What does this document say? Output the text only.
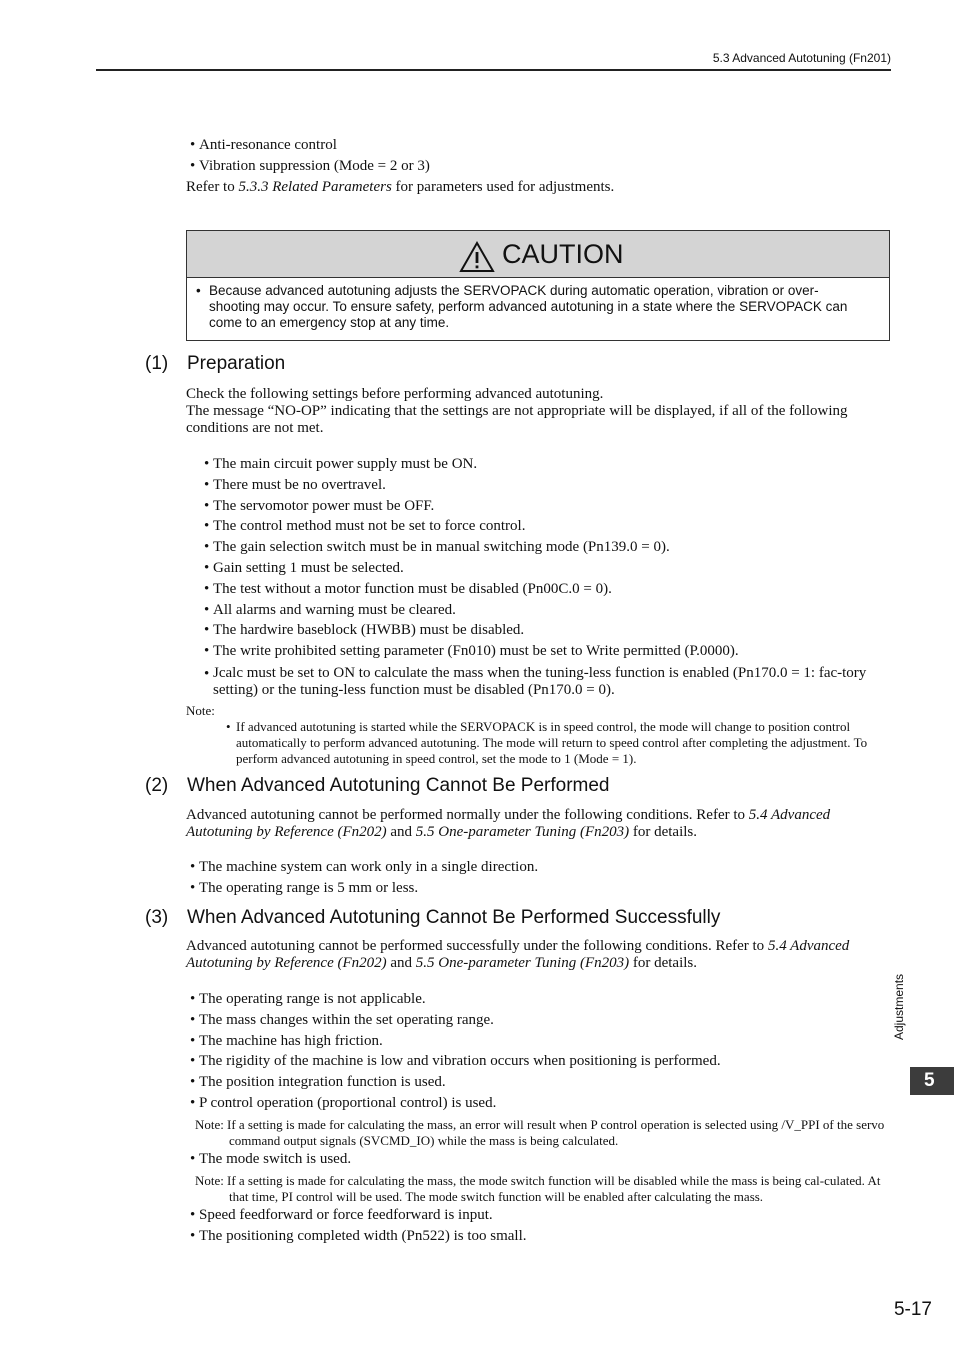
5.3 Advanced Autotuning (Fn201)
• Anti-resonance control
• Vibration suppression (Mode = 2 or 3)
Refer to 5.3.3 Related Parameters for parameters used for adjustments.
CAUTION
• Because advanced autotuning adjusts the SERVOPACK during automatic operation, vibration or over-shooting may occur. To ensure safety, perform advanced autotuning in a state where the SERVOPACK can come to an emergency stop at any time.
(1) Preparation
Check the following settings before performing advanced autotuning.
The message “NO-OP” indicating that the settings are not appropriate will be displayed, if all of the following conditions are not met.
• The main circuit power supply must be ON.
• There must be no overtravel.
• The servomotor power must be OFF.
• The control method must not be set to force control.
• The gain selection switch must be in manual switching mode (Pn139.0 = 0).
• Gain setting 1 must be selected.
• The test without a motor function must be disabled (Pn00C.0 = 0).
• All alarms and warning must be cleared.
• The hardwire baseblock (HWBB) must be disabled.
• The write prohibited setting parameter (Fn010) must be set to Write permitted (P.0000).
• Jcalc must be set to ON to calculate the mass when the tuning-less function is enabled (Pn170.0 = 1: fac-tory setting) or the tuning-less function must be disabled (Pn170.0 = 0).
Note:
• If advanced autotuning is started while the SERVOPACK is in speed control, the mode will change to position control automatically to perform advanced autotuning. The mode will return to speed control after completing the adjustment. To perform advanced autotuning in speed control, set the mode to 1 (Mode = 1).
(2) When Advanced Autotuning Cannot Be Performed
Advanced autotuning cannot be performed normally under the following conditions. Refer to 5.4 Advanced Autotuning by Reference (Fn202) and 5.5 One-parameter Tuning (Fn203) for details.
• The machine system can work only in a single direction.
• The operating range is 5 mm or less.
(3) When Advanced Autotuning Cannot Be Performed Successfully
Advanced autotuning cannot be performed successfully under the following conditions. Refer to 5.4 Advanced Autotuning by Reference (Fn202) and 5.5 One-parameter Tuning (Fn203) for details.
• The operating range is not applicable.
• The mass changes within the set operating range.
• The machine has high friction.
• The rigidity of the machine is low and vibration occurs when positioning is performed.
• The position integration function is used.
• P control operation (proportional control) is used.
Note: If a setting is made for calculating the mass, an error will result when P control operation is selected using /V_PPI of the servo command output signals (SVCMD_IO) while the mass is being calculated.
• The mode switch is used.
Note: If a setting is made for calculating the mass, the mode switch function will be disabled while the mass is being cal-culated. At that time, PI control will be used. The mode switch function will be enabled after calculating the mass.
• Speed feedforward or force feedforward is input.
• The positioning completed width (Pn522) is too small.
Adjustments
5
5-17
